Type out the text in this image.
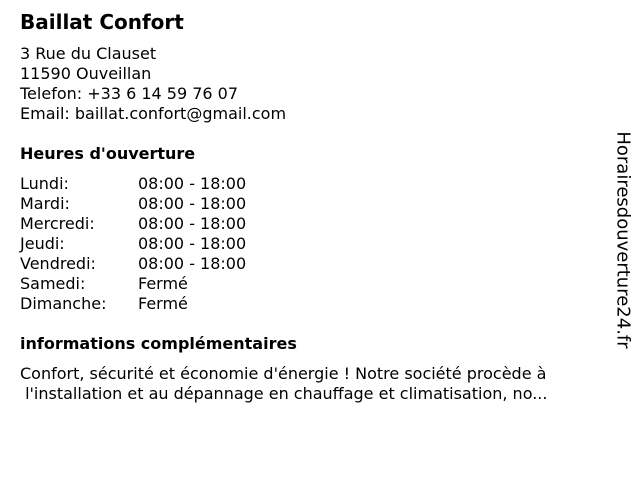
Baillat Confort
3 Rue du Clauset
11590 Ouveillan
Telefon: +33 6 14 59 76 07
Email: baillat.confort@gmail.com
Heures d'ouverture
Lundi:	08:00 - 18:00
Mardi:	08:00 - 18:00
Mercredi:	08:00 - 18:00
Jeudi:	08:00 - 18:00
Vendredi:	08:00 - 18:00
Samedi:	Fermé
Dimanche:	Fermé
informations complémentaires
Confort, sécurité et économie d'énergie ! Notre société procède à
l'installation et au dépannage en chauffage et climatisation, no...
Horairesdouverture24.fr
